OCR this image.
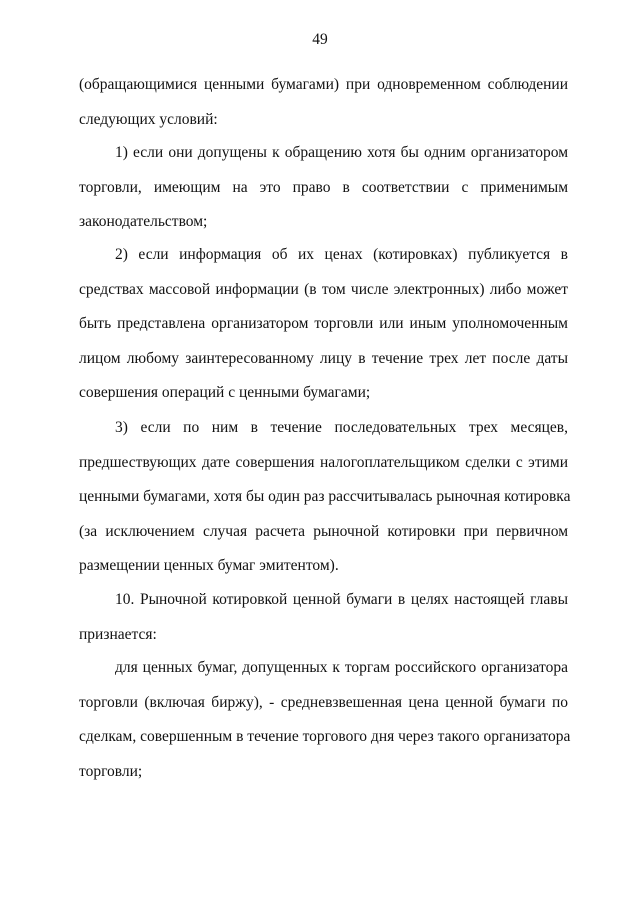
49
(обращающимися ценными бумагами) при одновременном соблюдении
следующих условий:
1) если они допущены к обращению хотя бы одним организатором
торговли, имеющим на это право в соответствии с применимым
законодательством;
2) если информация об их ценах (котировках) публикуется в
средствах массовой информации (в том числе электронных) либо может
быть представлена организатором торговли или иным уполномоченным
лицом любому заинтересованному лицу в течение трех лет после даты
совершения операций с ценными бумагами;
3) если по ним в течение последовательных трех месяцев,
предшествующих дате совершения налогоплательщиком сделки с этими
ценными бумагами, хотя бы один раз рассчитывалась рыночная котировка
(за исключением случая расчета рыночной котировки при первичном
размещении ценных бумаг эмитентом).
10. Рыночной котировкой ценной бумаги в целях настоящей главы
признается:
для ценных бумаг, допущенных к торгам российского организатора
торговли (включая биржу), - средневзвешенная цена ценной бумаги по
сделкам, совершенным в течение торгового дня через такого организатора
торговли;
